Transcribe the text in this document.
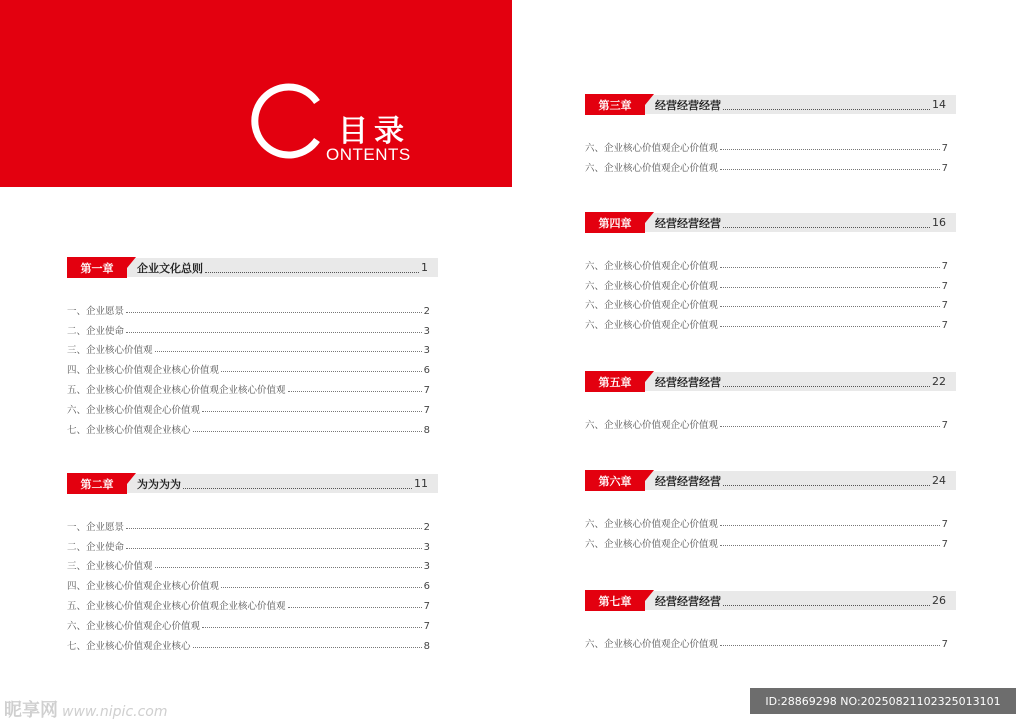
目录
ONTENTS
第一章	企业文化总则	1
一、企业愿景	2
二、企业使命	3
三、企业核心价值观	3
四、企业核心价值观企业核心价值观	6
五、企业核心价值观企业核心价值观企业核心价值观	7
六、企业核心价值观企心价值观	7
七、企业核心价值观企业核心	8
第二章	为为为为	11
一、企业愿景	2
二、企业使命	3
三、企业核心价值观	3
四、企业核心价值观企业核心价值观	6
五、企业核心价值观企业核心价值观企业核心价值观	7
六、企业核心价值观企心价值观	7
七、企业核心价值观企业核心	8
第三章	经营经营经营	14
六、企业核心价值观企心价值观	7
六、企业核心价值观企心价值观	7
第四章	经营经营经营	16
六、企业核心价值观企心价值观	7
六、企业核心价值观企心价值观	7
六、企业核心价值观企心价值观	7
六、企业核心价值观企心价值观	7
第五章	经营经营经营	22
六、企业核心价值观企心价值观	7
第六章	经营经营经营	24
六、企业核心价值观企心价值观	7
六、企业核心价值观企心价值观	7
第七章	经营经营经营	26
六、企业核心价值观企心价值观	7
昵享网 www.nipic.com
ID:28869298 NO:20250821102325013101
